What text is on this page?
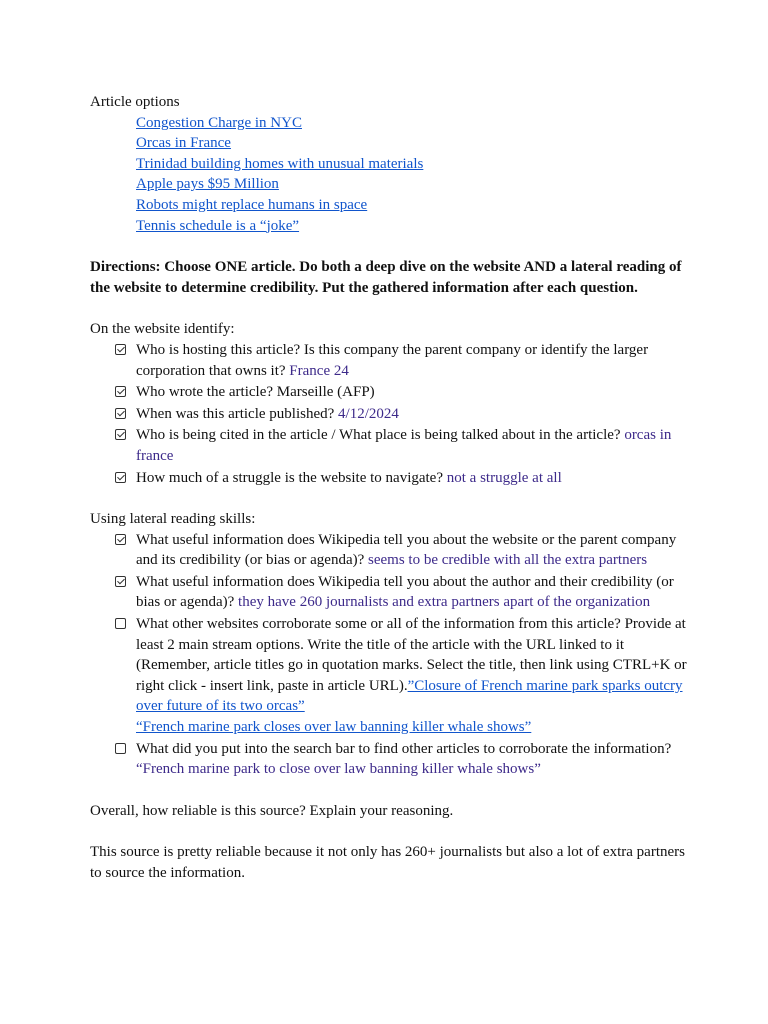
Article options
Congestion Charge in NYC
Orcas in France
Trinidad building homes with unusual materials
Apple pays $95 Million
Robots might replace humans in space
Tennis schedule is a “joke”
Directions: Choose ONE article. Do both a deep dive on the website AND a lateral reading of the website to determine credibility. Put the gathered information after each question.
On the website identify:
Who is hosting this article? Is this company the parent company or identify the larger corporation that owns it? France 24
Who wrote the article? Marseille (AFP)
When was this article published? 4/12/2024
Who is being cited in the article / What place is being talked about in the article? orcas in france
How much of a struggle is the website to navigate? not a struggle at all
Using lateral reading skills:
What useful information does Wikipedia tell you about the website or the parent company and its credibility (or bias or agenda)? seems to be credible with all the extra partners
What useful information does Wikipedia tell you about the author and their credibility (or bias or agenda)? they have 260 journalists and extra partners apart of the organization
What other websites corroborate some or all of the information from this article? Provide at least 2 main stream options. Write the title of the article with the URL linked to it (Remember, article titles go in quotation marks. Select the title, then link using CTRL+K or right click - insert link, paste in article URL).”Closure of French marine park sparks outcry over future of its two orcas”
“French marine park closes over law banning killer whale shows”
What did you put into the search bar to find other articles to corroborate the information?
“French marine park to close over law banning killer whale shows”
Overall, how reliable is this source? Explain your reasoning.
This source is pretty reliable because it not only has 260+ journalists but also a lot of extra partners to source the information.
